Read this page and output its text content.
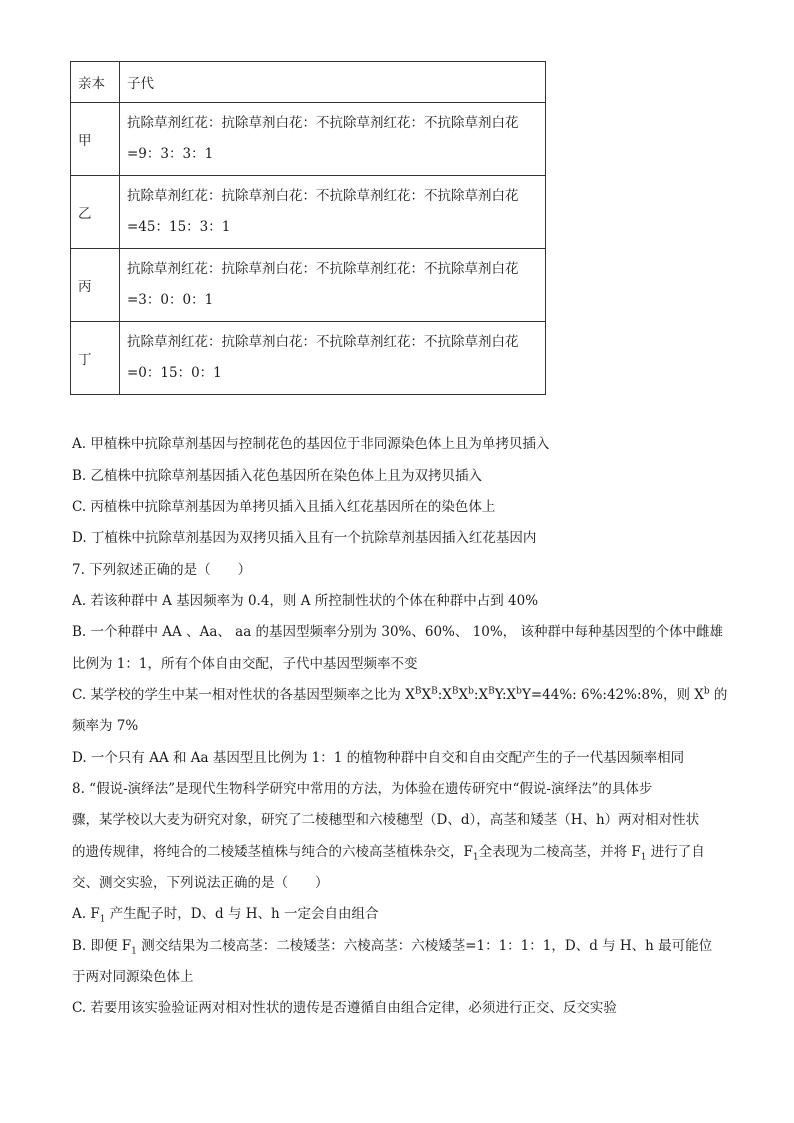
亲本	子代
甲	抗除草剂红花：抗除草剂白花：不抗除草剂红花：不抗除草剂白花
=9：3：3：1

乙	抗除草剂红花：抗除草剂白花：不抗除草剂红花：不抗除草剂白花
=45：15：3：1

丙	抗除草剂红花：抗除草剂白花：不抗除草剂红花：不抗除草剂白花
=3：0：0：1

丁	抗除草剂红花：抗除草剂白花：不抗除草剂红花：不抗除草剂白花
=0：15：0：1
A. 甲植株中抗除草剂基因与控制花色的基因位于非同源染色体上且为单拷贝插入
B. 乙植株中抗除草剂基因插入花色基因所在染色体上且为双拷贝插入
C. 丙植株中抗除草剂基因为单拷贝插入且插入红花基因所在的染色体上
D. 丁植株中抗除草剂基因为双拷贝插入且有一个抗除草剂基因插入红花基因内
7. 下列叙述正确的是（　　）
A. 若该种群中 A 基因频率为 0.4，则 A 所控制性状的个体在种群中占到 40%
B. 一个种群中 AA 、Aa、 aa 的基因型频率分别为 30%、60%、 10%， 该种群中每种基因型的个体中雌雄
比例为 1：1，所有个体自由交配，子代中基因型频率不变
C. 某学校的学生中某一相对性状的各基因型频率之比为 $X^BX^B:X^BX^b:X^BY:X^bY=44\%$: 6%:42%:8%，则 $X^b$ 的
频率为 7%
D. 一个只有 AA 和 Aa 基因型且比例为 1：1 的植物种群中自交和自由交配产生的子一代基因频率相同
8. “假说-演绎法”是现代生物科学研究中常用的方法，为体验在遗传研究中“假说-演绎法”的具体步
骤，某学校以大麦为研究对象，研究了二棱穗型和六棱穗型（D、d），高茎和矮茎（H、h）两对相对性状
的遗传规律，将纯合的二棱矮茎植株与纯合的六棱高茎植株杂交，$F_1$全表现为二棱高茎，并将 $F_1$ 进行了自
交、测交实验，下列说法正确的是（　　）
A. $F_1$ 产生配子时，D、d 与 H、h 一定会自由组合
B. 即便 $F_1$ 测交结果为二棱高茎：二棱矮茎：六棱高茎：六棱矮茎=1：1：1：1，D、d 与 H、h 最可能位
于两对同源染色体上
C. 若要用该实验验证两对相对性状的遗传是否遵循自由组合定律，必须进行正交、反交实验
